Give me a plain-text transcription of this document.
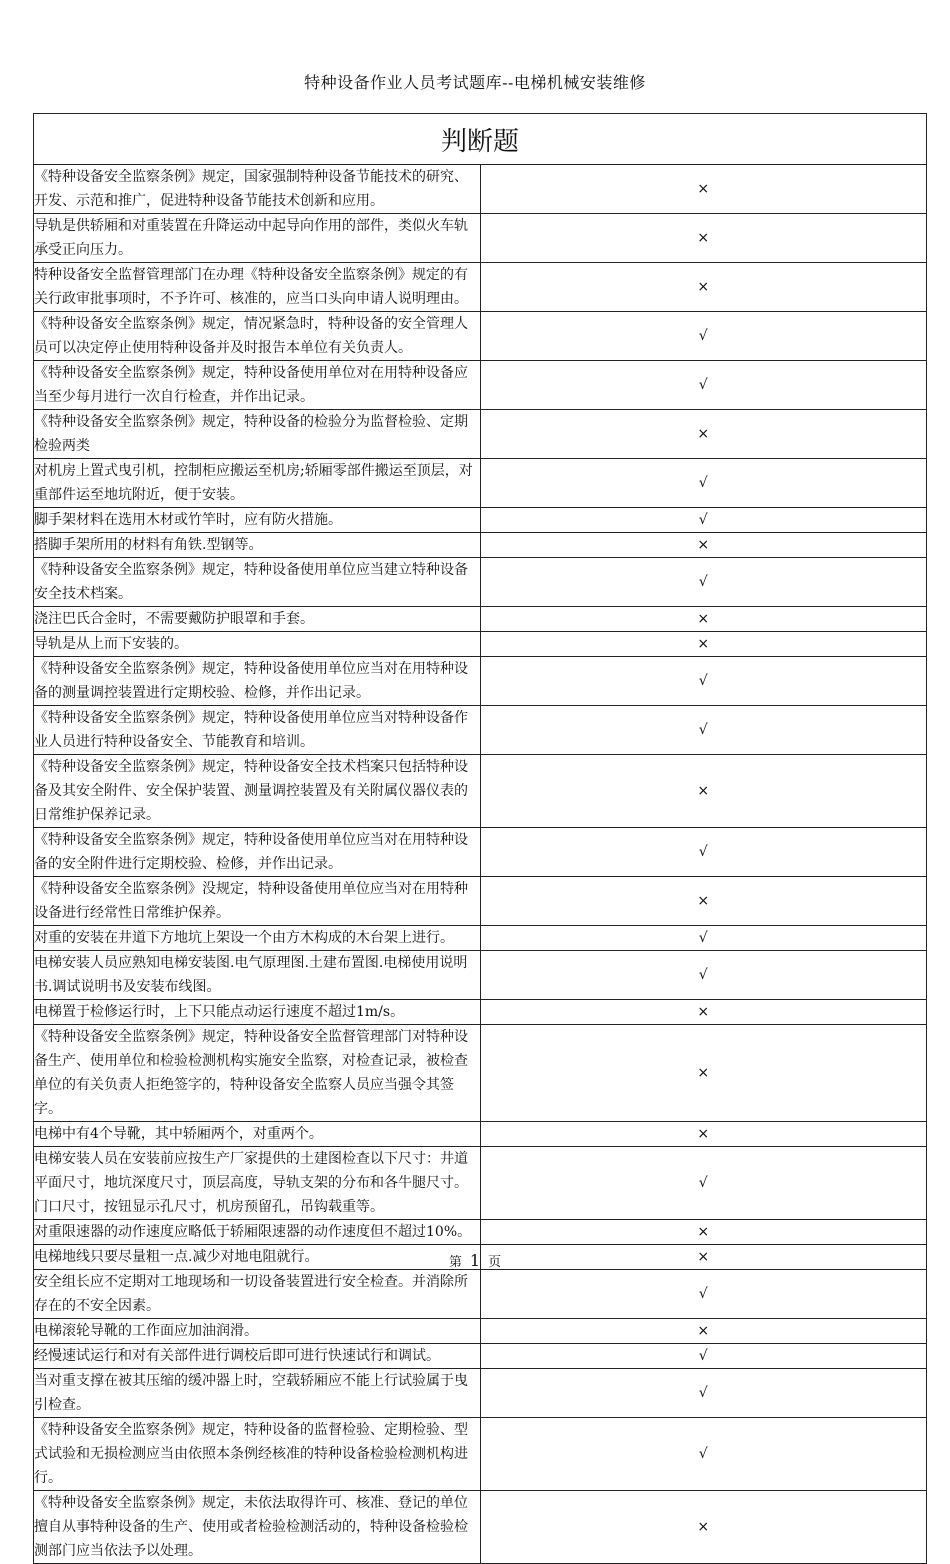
特种设备作业人员考试题库--电梯机械安装维修
判断题	
《特种设备安全监察条例》规定，国家强制特种设备节能技术的研究、开发、示范和推广，促进特种设备节能技术创新和应用。	×
导轨是供轿厢和对重装置在升降运动中起导向作用的部件，类似火车轨承受正向压力。	×
特种设备安全监督管理部门在办理《特种设备安全监察条例》规定的有关行政审批事项时，不予许可、核准的，应当口头向申请人说明理由。	×
《特种设备安全监察条例》规定，情况紧急时，特种设备的安全管理人员可以决定停止使用特种设备并及时报告本单位有关负责人。	√
《特种设备安全监察条例》规定，特种设备使用单位对在用特种设备应当至少每月进行一次自行检查，并作出记录。	√
《特种设备安全监察条例》规定，特种设备的检验分为监督检验、定期检验两类	×
对机房上置式曳引机，控制柜应搬运至机房;轿厢零部件搬运至顶层，对重部件运至地坑附近，便于安装。	√
脚手架材料在选用木材或竹竿时，应有防火措施。	√
搭脚手架所用的材料有角铁.型钢等。	×
《特种设备安全监察条例》规定，特种设备使用单位应当建立特种设备安全技术档案。	√
浇注巴氏合金时，不需要戴防护眼罩和手套。	×
导轨是从上而下安装的。	×
《特种设备安全监察条例》规定，特种设备使用单位应当对在用特种设备的测量调控装置进行定期校验、检修，并作出记录。	√
《特种设备安全监察条例》规定，特种设备使用单位应当对特种设备作业人员进行特种设备安全、节能教育和培训。	√
《特种设备安全监察条例》规定，特种设备安全技术档案只包括特种设备及其安全附件、安全保护装置、测量调控装置及有关附属仪器仪表的日常维护保养记录。	×
《特种设备安全监察条例》规定，特种设备使用单位应当对在用特种设备的安全附件进行定期校验、检修，并作出记录。	√
《特种设备安全监察条例》没规定，特种设备使用单位应当对在用特种设备进行经常性日常维护保养。	×
对重的安装在井道下方地坑上架设一个由方木构成的木台架上进行。	√
电梯安装人员应熟知电梯安装图.电气原理图.土建布置图.电梯使用说明书.调试说明书及安装布线图。	√
电梯置于检修运行时，上下只能点动运行速度不超过1m/s。	×
《特种设备安全监察条例》规定，特种设备安全监督管理部门对特种设备生产、使用单位和检验检测机构实施安全监察，对检查记录，被检查单位的有关负责人拒绝签字的，特种设备安全监察人员应当强令其签字。	×
电梯中有4个导靴，其中轿厢两个，对重两个。	×
电梯安装人员在安装前应按生产厂家提供的土建图检查以下尺寸：井道平面尺寸，地坑深度尺寸，顶层高度，导轨支架的分布和各牛腿尺寸。门口尺寸，按钮显示孔尺寸，机房预留孔，吊钩载重等。	√
对重限速器的动作速度应略低于轿厢限速器的动作速度但不超过10%。	×
电梯地线只要尽量粗一点.减少对地电阻就行。	×
安全组长应不定期对工地现场和一切设备装置进行安全检查。并消除所存在的不安全因素。	√
电梯滚轮导靴的工作面应加油润滑。	×
经慢速试运行和对有关部件进行调校后即可进行快速试行和调试。	√
当对重支撑在被其压缩的缓冲器上时，空载轿厢应不能上行试验属于曳引检查。	√
《特种设备安全监察条例》规定，特种设备的监督检验、定期检验、型式试验和无损检测应当由依照本条例经核准的特种设备检验检测机构进行。	√
《特种设备安全监察条例》规定，未依法取得许可、核准、登记的单位擅自从事特种设备的生产、使用或者检验检测活动的，特种设备检验检测部门应当依法予以处理。	×
第 1 页
